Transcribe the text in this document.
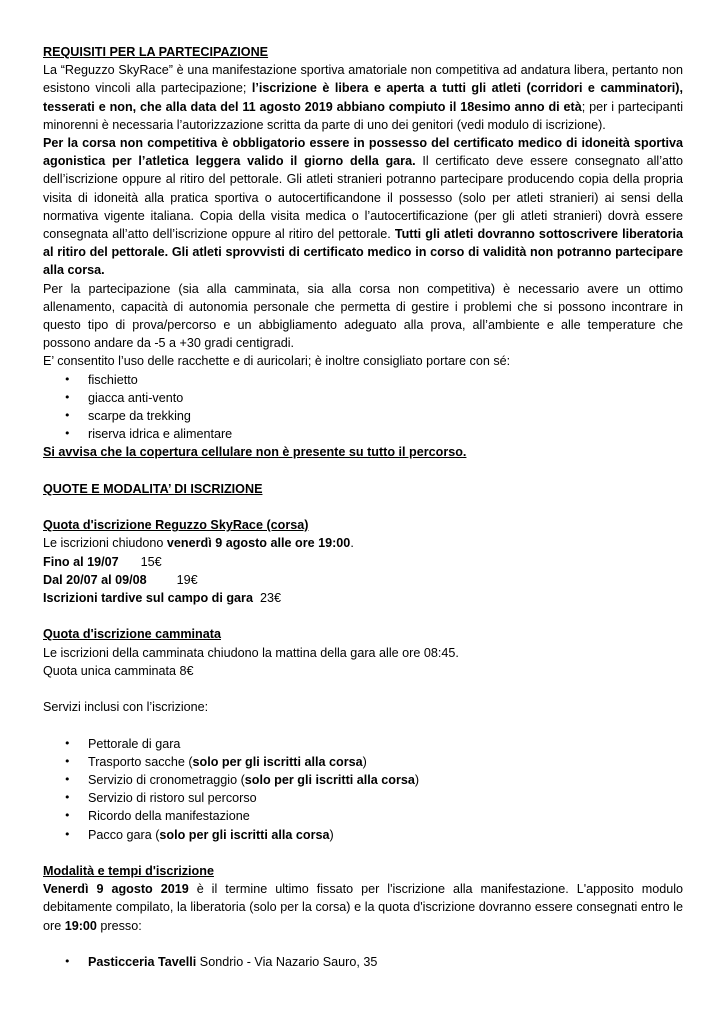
REQUISITI PER LA PARTECIPAZIONE

La “Reguzzo SkyRace” è una manifestazione sportiva amatoriale non competitiva ad andatura libera, pertanto non esistono vincoli alla partecipazione; l’iscrizione è libera e aperta a tutti gli atleti (corridori e camminatori), tesserati e non, che alla data del 11 agosto 2019 abbiano compiuto il 18esimo anno di età; per i partecipanti minorenni è necessaria l’autorizzazione scritta da parte di uno dei genitori (vedi modulo di iscrizione).

Per la corsa non competitiva è obbligatorio essere in possesso del certificato medico di idoneità sportiva agonistica per l’atletica leggera valido il giorno della gara. Il certificato deve essere consegnato all’atto dell’iscrizione oppure al ritiro del pettorale. Gli atleti stranieri potranno partecipare producendo copia della propria visita di idoneità alla pratica sportiva o autocertificandone il possesso (solo per atleti stranieri) ai sensi della normativa vigente italiana. Copia della visita medica o l’autocertificazione (per gli atleti stranieri) dovrà essere consegnata all’atto dell’iscrizione oppure al ritiro del pettorale. Tutti gli atleti dovranno sottoscrivere liberatoria al ritiro del pettorale. Gli atleti sprovvisti di certificato medico in corso di validità non potranno partecipare alla corsa.

Per la partecipazione (sia alla camminata, sia alla corsa non competitiva) è necessario avere un ottimo allenamento, capacità di autonomia personale che permetta di gestire i problemi che si possono incontrare in questo tipo di prova/percorso e un abbigliamento adeguato alla prova, all’ambiente e alle temperature che possono andare da -5 a +30 gradi centigradi.

E’ consentito l’uso delle racchette e di auricolari; è inoltre consigliato portare con sé:

• fischietto
• giacca anti-vento
• scarpe da trekking
• riserva idrica e alimentare

Si avvisa che la copertura cellulare non è presente su tutto il percorso.

QUOTE E MODALITA’ DI ISCRIZIONE

Quota d'iscrizione Reguzzo SkyRace (corsa)

Le iscrizioni chiudono venerdì 9 agosto alle ore 19:00.

Fino al 19/07 15€

Dal 20/07 al 09/08 19€

Iscrizioni tardive sul campo di gara 23€

Quota d'iscrizione camminata

Le iscrizioni della camminata chiudono la mattina della gara alle ore 08:45.

Quota unica camminata 8€

Servizi inclusi con l’iscrizione:

• Pettorale di gara
• Trasporto sacche (solo per gli iscritti alla corsa)
• Servizio di cronometraggio (solo per gli iscritti alla corsa)
• Servizio di ristoro sul percorso
• Ricordo della manifestazione
• Pacco gara (solo per gli iscritti alla corsa)

Modalità e tempi d'iscrizione

Venerdì 9 agosto 2019 è il termine ultimo fissato per l'iscrizione alla manifestazione. L'apposito modulo debitamente compilato, la liberatoria (solo per la corsa) e la quota d'iscrizione dovranno essere consegnati entro le ore 19:00 presso:

• Pasticceria Tavelli Sondrio - Via Nazario Sauro, 35
